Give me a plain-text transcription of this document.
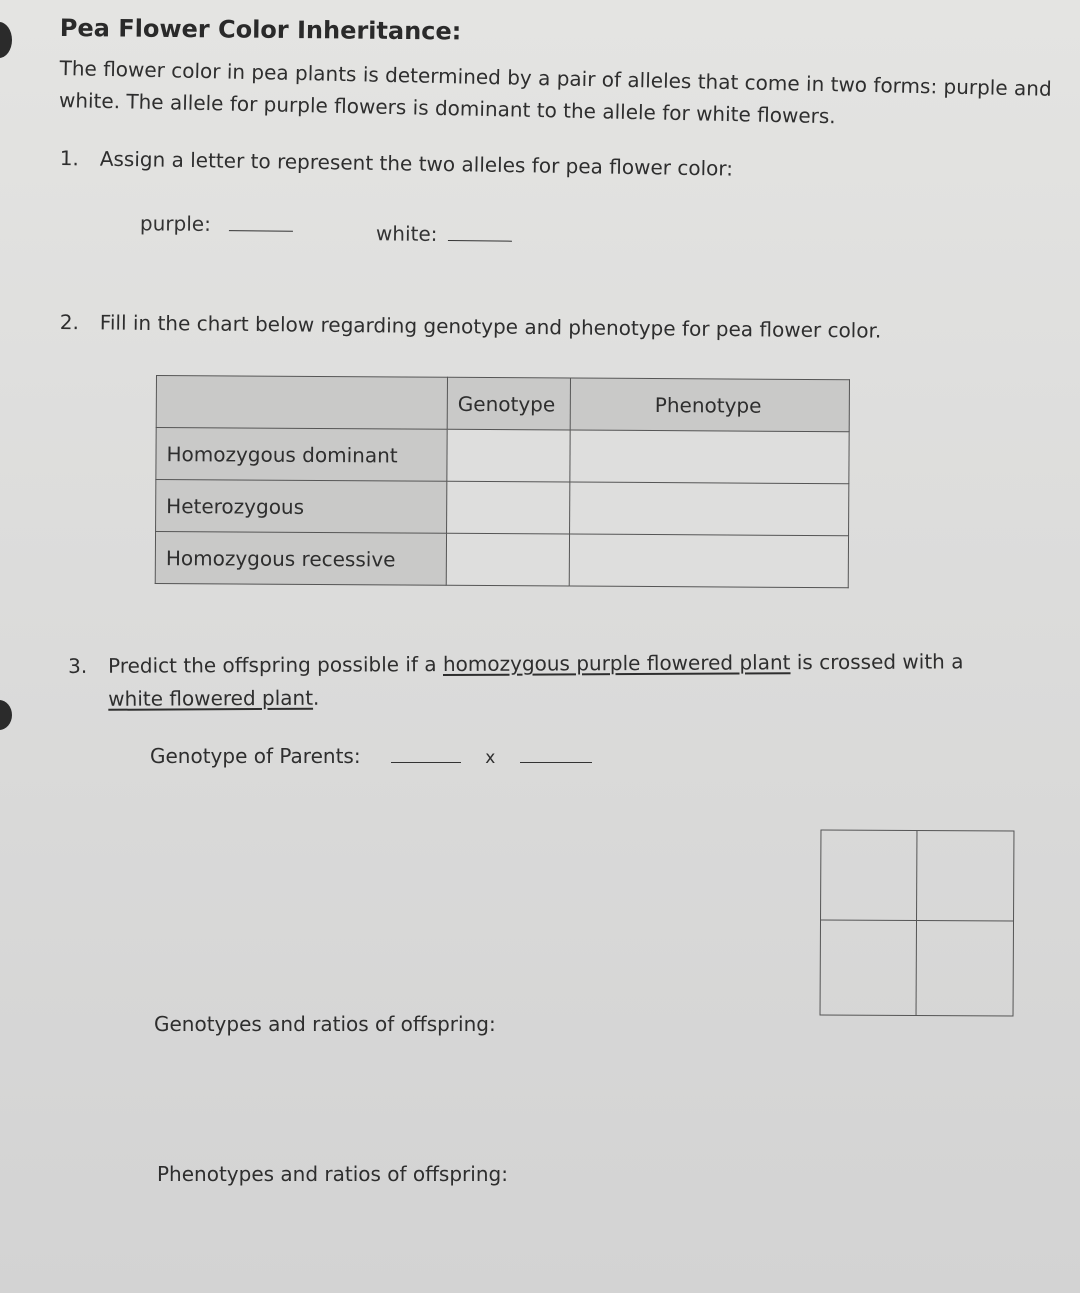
Pea Flower Color Inheritance:
The flower color in pea plants is determined by a pair of alleles that come in two forms: purple and white. The allele for purple flowers is dominant to the allele for white flowers.
1. Assign a letter to represent the two alleles for pea flower color:
purple:	white:
2. Fill in the chart below regarding genotype and phenotype for pea flower color.
	Genotype	Phenotype
Homozygous dominant		
Heterozygous		
Homozygous recessive		
3. Predict the offspring possible if a homozygous purple flowered plant is crossed with a white flowered plant.
Genotype of Parents:	x
Genotypes and ratios of offspring:
Phenotypes and ratios of offspring:
